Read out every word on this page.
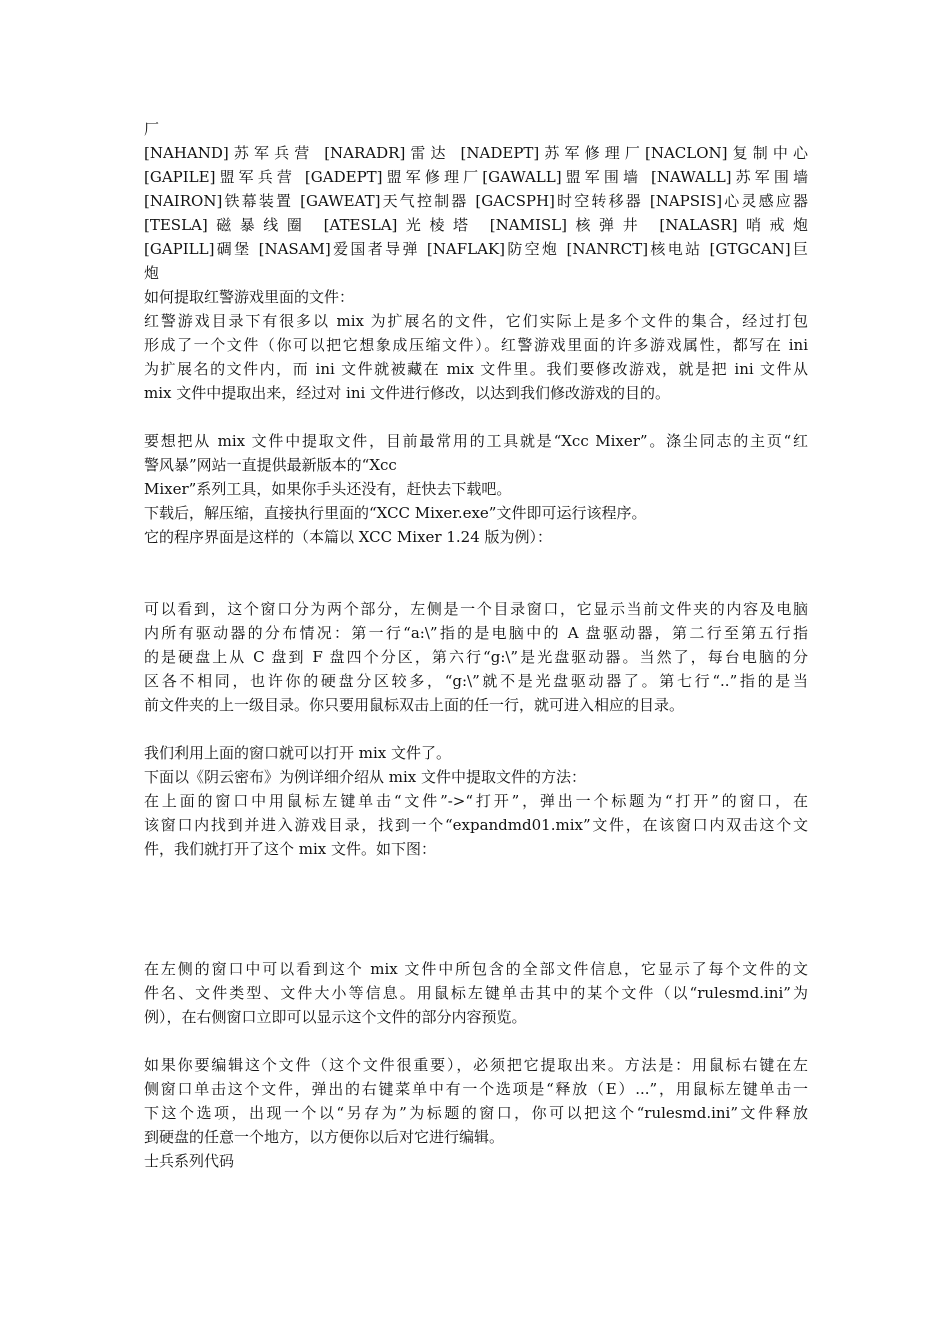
厂
[NAHAND]苏军兵营 [NARADR]雷达 [NADEPT]苏军修理厂[NACLON]复制中心
[GAPILE]盟军兵营 [GADEPT]盟军修理厂[GAWALL]盟军围墙 [NAWALL]苏军围墙
[NAIRON]铁幕装置 [GAWEAT]天气控制器 [GACSPH]时空转移器 [NAPSIS]心灵感应器
[TESLA]磁暴线圈 [ATESLA]光棱塔 [NAMISL]核弹井 [NALASR]哨戒炮
[GAPILL]碉堡 [NASAM]爱国者导弹 [NAFLAK]防空炮 [NANRCT]核电站 [GTGCAN]巨
炮
如何提取红警游戏里面的文件：
红警游戏目录下有很多以 mix 为扩展名的文件，它们实际上是多个文件的集合，经过打包
形成了一个文件（你可以把它想象成压缩文件）。红警游戏里面的许多游戏属性，都写在 ini
为扩展名的文件内，而 ini 文件就被藏在 mix 文件里。我们要修改游戏，就是把 ini 文件从
mix 文件中提取出来，经过对 ini 文件进行修改，以达到我们修改游戏的目的。
要想把从 mix 文件中提取文件，目前最常用的工具就是“Xcc Mixer”。涤尘同志的主页“红
警风暴”网站一直提供最新版本的“Xcc
Mixer”系列工具，如果你手头还没有，赶快去下载吧。
下载后，解压缩，直接执行里面的“XCC Mixer.exe”文件即可运行该程序。
它的程序界面是这样的（本篇以 XCC Mixer 1.24 版为例）：
可以看到，这个窗口分为两个部分，左侧是一个目录窗口，它显示当前文件夹的内容及电脑
内所有驱动器的分布情况：第一行“a:\”指的是电脑中的 A 盘驱动器，第二行至第五行指
的是硬盘上从 C 盘到 F 盘四个分区，第六行“g:\”是光盘驱动器。当然了，每台电脑的分
区各不相同，也许你的硬盘分区较多，“g:\”就不是光盘驱动器了。第七行“..”指的是当
前文件夹的上一级目录。你只要用鼠标双击上面的任一行，就可进入相应的目录。
我们利用上面的窗口就可以打开 mix 文件了。
下面以《阴云密布》为例详细介绍从 mix 文件中提取文件的方法：
在上面的窗口中用鼠标左键单击“文件”->“打开”，弹出一个标题为“打开”的窗口，在
该窗口内找到并进入游戏目录，找到一个“expandmd01.mix”文件，在该窗口内双击这个文
件，我们就打开了这个 mix 文件。如下图：
在左侧的窗口中可以看到这个 mix 文件中所包含的全部文件信息，它显示了每个文件的文
件名、文件类型、文件大小等信息。用鼠标左键单击其中的某个文件（以“rulesmd.ini”为
例），在右侧窗口立即可以显示这个文件的部分内容预览。
如果你要编辑这个文件（这个文件很重要），必须把它提取出来。方法是：用鼠标右键在左
侧窗口单击这个文件，弹出的右键菜单中有一个选项是“释放（E）...”，用鼠标左键单击一
下这个选项，出现一个以“另存为”为标题的窗口，你可以把这个“rulesmd.ini”文件释放
到硬盘的任意一个地方，以方便你以后对它进行编辑。
士兵系列代码
